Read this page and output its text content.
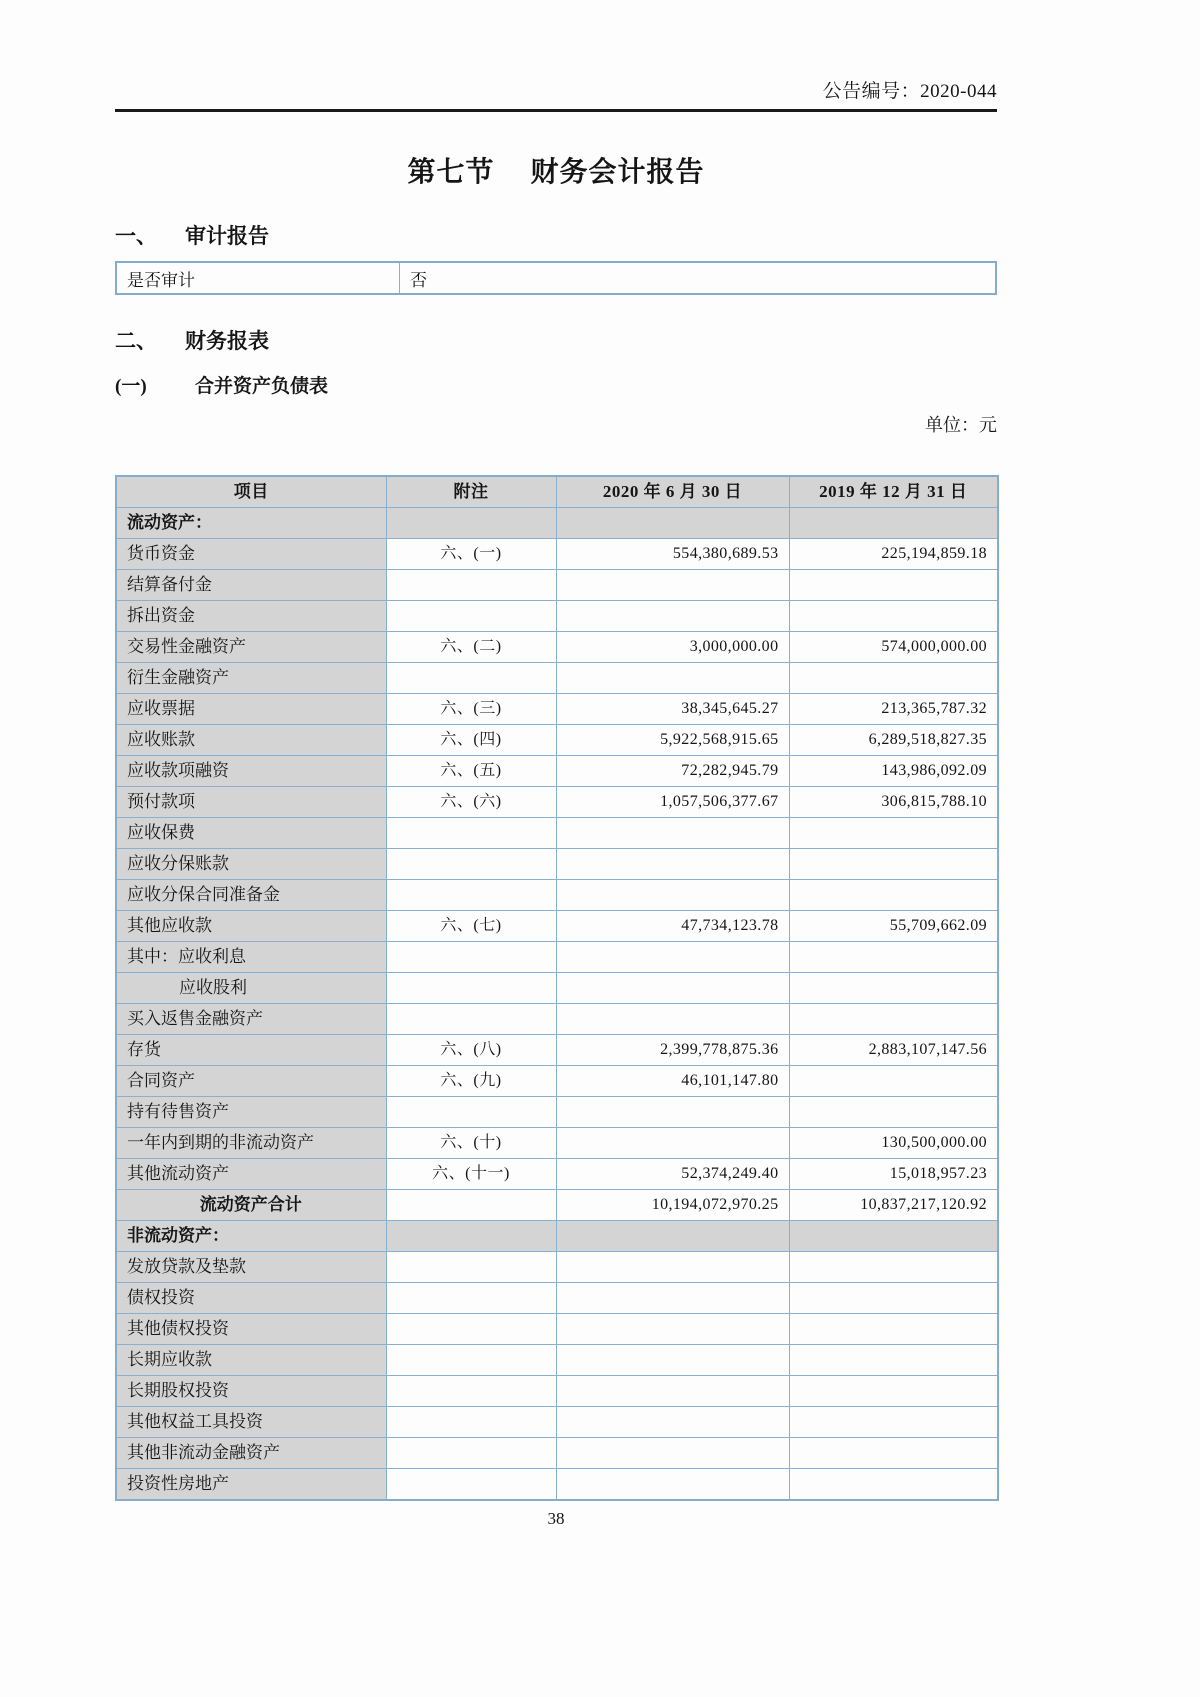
公告编号：2020-044
第七节 财务会计报告
一、	审计报告
是否审计	否
二、	财务报表
(一)	合并资产负债表
单位：元
项目	附注	2020 年 6 月 30 日	2019 年 12 月 31 日
流动资产：			
货币资金	六、(一)	554,380,689.53	225,194,859.18
结算备付金			
拆出资金			
交易性金融资产	六、(二)	3,000,000.00	574,000,000.00
衍生金融资产			
应收票据	六、(三)	38,345,645.27	213,365,787.32
应收账款	六、(四)	5,922,568,915.65	6,289,518,827.35
应收款项融资	六、(五)	72,282,945.79	143,986,092.09
预付款项	六、(六)	1,057,506,377.67	306,815,788.10
应收保费			
应收分保账款			
应收分保合同准备金			
其他应收款	六、(七)	47,734,123.78	55,709,662.09
其中：应收利息			
应收股利			
买入返售金融资产			
存货	六、(八)	2,399,778,875.36	2,883,107,147.56
合同资产	六、(九)	46,101,147.80	
持有待售资产			
一年内到期的非流动资产	六、(十)		130,500,000.00
其他流动资产	六、(十一)	52,374,249.40	15,018,957.23
流动资产合计		10,194,072,970.25	10,837,217,120.92
非流动资产：			
发放贷款及垫款			
债权投资			
其他债权投资			
长期应收款			
长期股权投资			
其他权益工具投资			
其他非流动金融资产			
投资性房地产			
38
